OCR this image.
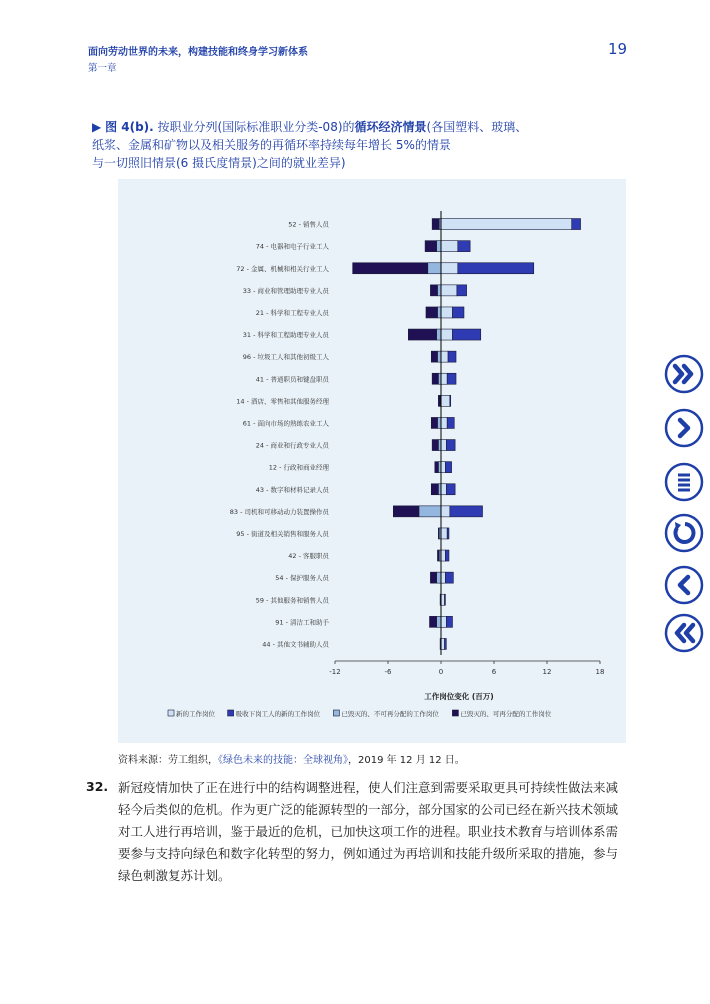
面向劳动世界的未来，构建技能和终身学习新体系
第一章
19
▶ 图 4(b). 按职业分列(国际标准职业分类-08)的循环经济情景(各国塑料、玻璃、
纸浆、金属和矿物以及相关服务的再循环率持续每年增长 5%的情景
与一切照旧情景(6 摄氏度情景)之间的就业差异)
52 - 销售人员
74 - 电器和电子行业工人
72 - 金属、机械和相关行业工人
33 - 商业和管理助理专业人员
21 - 科学和工程专业人员
31 - 科学和工程助理专业人员
96 - 垃圾工人和其他初级工人
41 - 普通职员和键盘职员
14 - 酒店、零售和其他服务经理
61 - 面向市场的熟练农业工人
24 - 商业和行政专业人员
12 - 行政和商业经理
43 - 数字和材料记录人员
83 - 司机和可移动动力装置操作员
95 - 街道及相关销售和服务人员
42 - 客服职员
54 - 保护服务人员
59 - 其他服务和销售人员
91 - 清洁工和助手
44 - 其他文书辅助人员
-12	-6	0	6	12	18
工作岗位变化 (百万)
新的工作岗位	吸收下岗工人的新的工作岗位	已毁灭的、不可再分配的工作岗位	已毁灭的、可再分配的工作岗位
资料来源：劳工组织，《绿色未来的技能：全球视角》，2019 年 12 月 12 日。
32. 新冠疫情加快了正在进行中的结构调整进程，使人们注意到需要采取更具可持续性做法来减轻今后类似的危机。作为更广泛的能源转型的一部分，部分国家的公司已经在新兴技术领域对工人进行再培训，鉴于最近的危机，已加快这项工作的进程。职业技术教育与培训体系需要参与支持向绿色和数字化转型的努力，例如通过为再培训和技能升级所采取的措施，参与绿色刺激复苏计划。
